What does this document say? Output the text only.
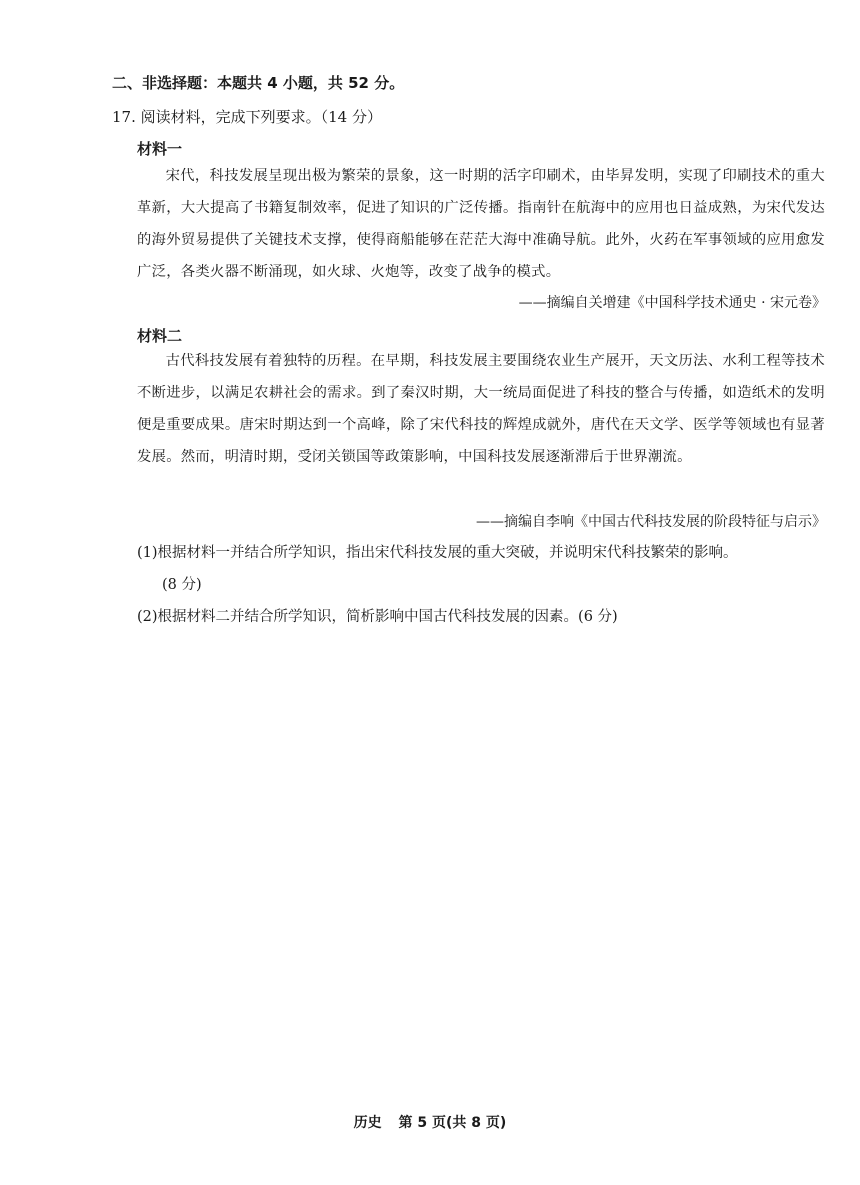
二、非选择题：本题共 4 小题，共 52 分。
17. 阅读材料，完成下列要求。（14 分）
材料一
宋代，科技发展呈现出极为繁荣的景象，这一时期的活字印刷术，由毕昇发明，实现了印刷技术的重大革新，大大提高了书籍复制效率，促进了知识的广泛传播。指南针在航海中的应用也日益成熟，为宋代发达的海外贸易提供了关键技术支撑，使得商船能够在茫茫大海中准确导航。此外，火药在军事领域的应用愈发广泛，各类火器不断涌现，如火球、火炮等，改变了战争的模式。
——摘编自关增建《中国科学技术通史 · 宋元卷》
材料二
古代科技发展有着独特的历程。在早期，科技发展主要围绕农业生产展开，天文历法、水利工程等技术不断进步，以满足农耕社会的需求。到了秦汉时期，大一统局面促进了科技的整合与传播，如造纸术的发明便是重要成果。唐宋时期达到一个高峰，除了宋代科技的辉煌成就外，唐代在天文学、医学等领域也有显著发展。然而，明清时期，受闭关锁国等政策影响，中国科技发展逐渐滞后于世界潮流。
——摘编自李响《中国古代科技发展的阶段特征与启示》
(1)根据材料一并结合所学知识，指出宋代科技发展的重大突破，并说明宋代科技繁荣的影响。
(8 分)
(2)根据材料二并结合所学知识，简析影响中国古代科技发展的因素。(6 分)
历史 第 5 页(共 8 页)
